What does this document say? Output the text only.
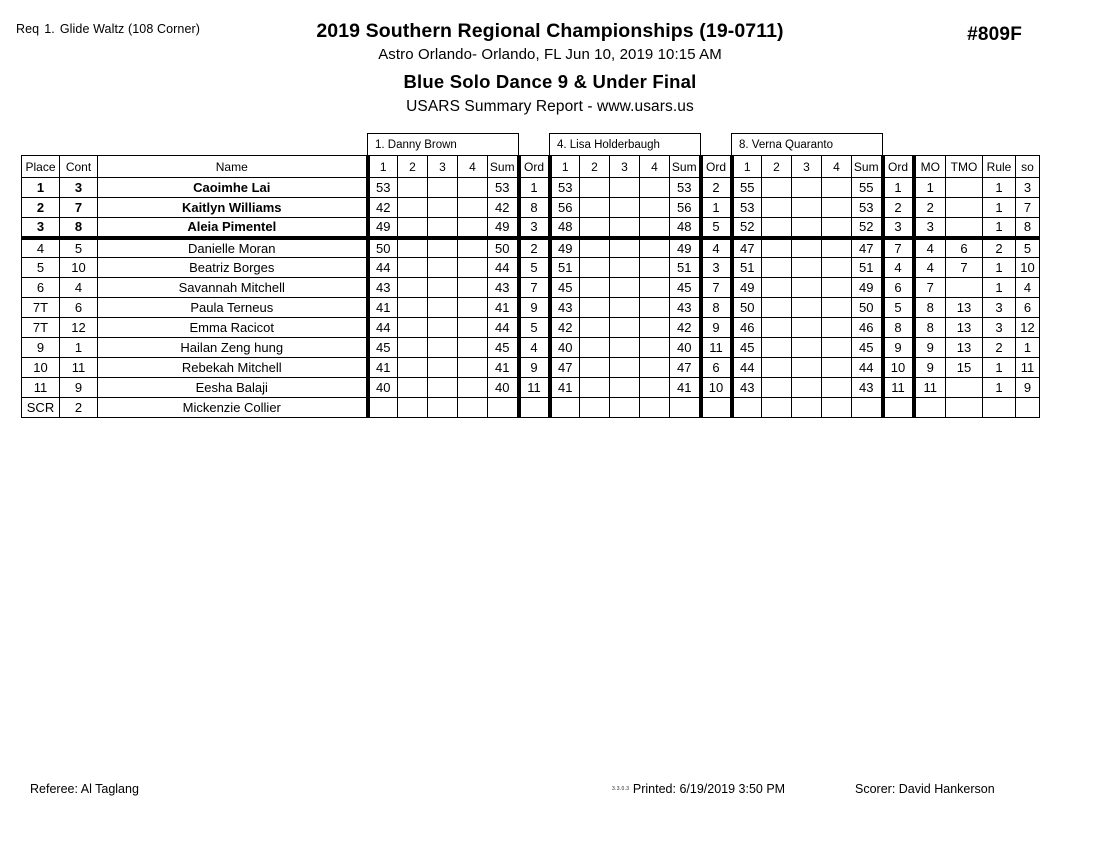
Req 1. Glide Waltz (108 Corner)	#809F
2019 Southern Regional Championships (19-0711)
Astro Orlando- Orlando, FL Jun 10, 2019 10:15 AM
Blue Solo Dance 9 & Under Final
USARS Summary Report - www.usars.us
			1. Danny Brown						4. Lisa Holderbaugh						8. Verna Quaranto									
Place	Cont	Name	1	2	3	4	Sum	Ord	1	2	3	4	Sum	Ord	1	2	3	4	Sum	Ord	MO	TMO	Rule	so
1	3	Caoimhe Lai	53				53	1	53				53	2	55				55	1	1		1	3
2	7	Kaitlyn Williams	42				42	8	56				56	1	53				53	2	2		1	7
3	8	Aleia Pimentel	49				49	3	48				48	5	52				52	3	3		1	8
4	5	Danielle Moran	50				50	2	49				49	4	47				47	7	4	6	2	5
5	10	Beatriz Borges	44				44	5	51				51	3	51				51	4	4	7	1	10
6	4	Savannah Mitchell	43				43	7	45				45	7	49				49	6	7		1	4
7T	6	Paula Terneus	41				41	9	43				43	8	50				50	5	8	13	3	6
7T	12	Emma Racicot	44				44	5	42				42	9	46				46	8	8	13	3	12
9	1	Hailan Zeng hung	45				45	4	40				40	11	45				45	9	9	13	2	1
10	11	Rebekah Mitchell	41				41	9	47				47	6	44				44	10	9	15	1	11
11	9	Eesha Balaji	40				40	11	41				41	10	43				43	11	11		1	9
SCR	2	Mickenzie Collier																						
Referee: Al Taglang	$^{3.3.0.3}$ Printed: 6/19/2019 3:50 PM	Scorer: David Hankerson
